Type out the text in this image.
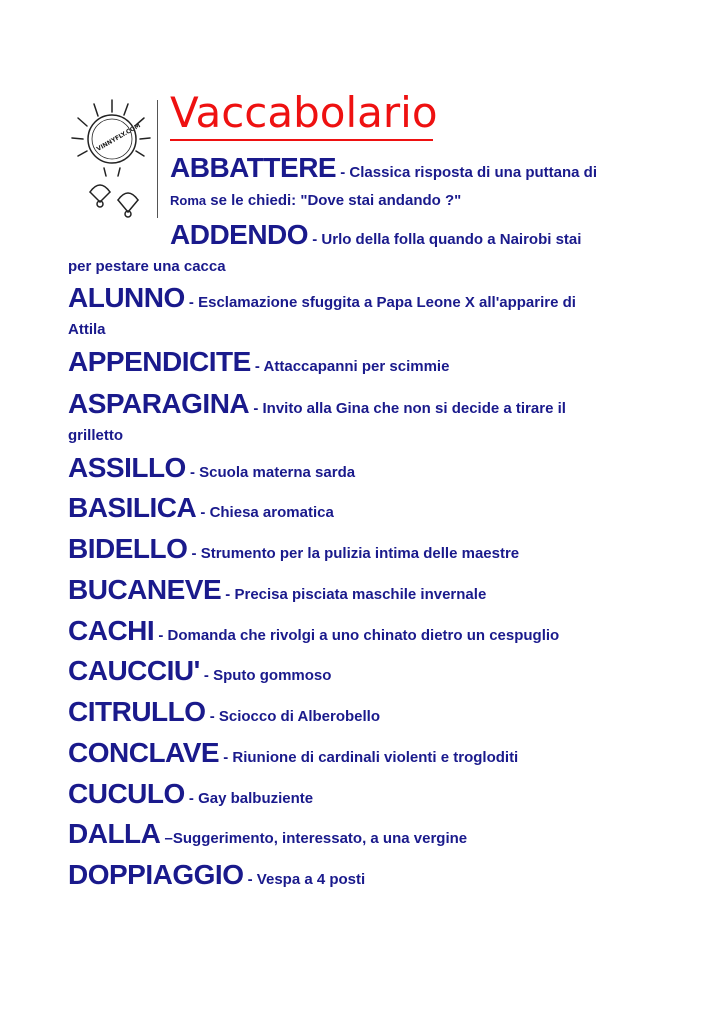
VINNYFLY.COM
Vaccabolario

ABBATTERE - Classica risposta di una puttana di

Roma se le chiedi: "Dove stai andando ?"

ADDENDO - Urlo della folla quando a Nairobi stai

per pestare una cacca

ALUNNO - Esclamazione sfuggita a Papa Leone X all'apparire di

Attila

APPENDICITE - Attaccapanni per scimmie

ASPARAGINA - Invito alla Gina che non si decide a tirare il

grilletto

ASSILLO - Scuola materna sarda

BASILICA - Chiesa aromatica

BIDELLO - Strumento per la pulizia intima delle maestre

BUCANEVE - Precisa pisciata maschile invernale

CACHI - Domanda che rivolgi a uno chinato dietro un cespuglio

CAUCCIU' - Sputo gommoso

CITRULLO - Sciocco di Alberobello

CONCLAVE - Riunione di cardinali violenti e trogloditi

CUCULO - Gay balbuziente

DALLA –Suggerimento, interessato, a una vergine

DOPPIAGGIO - Vespa a 4 posti
